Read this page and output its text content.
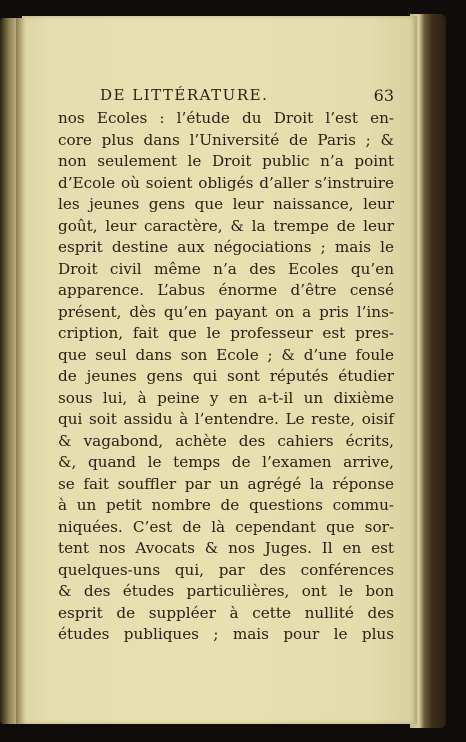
DE LITTÉRATURE.	63
nos Ecoles : l’étude du Droit l’est en-
core plus dans l’Université de Paris ; &
non seulement le Droit public n’a point
d’Ecole où soient obligés d’aller s’instruire
les jeunes gens que leur naissance, leur
goût, leur caractère, & la trempe de leur
esprit destine aux négociations ; mais le
Droit civil même n’a des Ecoles qu’en
apparence. L’abus énorme d’être censé
présent, dès qu’en payant on a pris l’ins-
cription, fait que le professeur est pres-
que seul dans son Ecole ; & d’une foule
de jeunes gens qui sont réputés étudier
sous lui, à peine y en a-t-il un dixième
qui soit assidu à l’entendre. Le reste, oisif
& vagabond, achète des cahiers écrits,
&, quand le temps de l’examen arrive,
se fait souffler par un agrégé la réponse
à un petit nombre de questions commu-
niquées. C’est de là cependant que sor-
tent nos Avocats & nos Juges. Il en est
quelques-uns qui, par des conférences
& des études particulières, ont le bon
esprit de suppléer à cette nullité des
études publiques ; mais pour le plus
